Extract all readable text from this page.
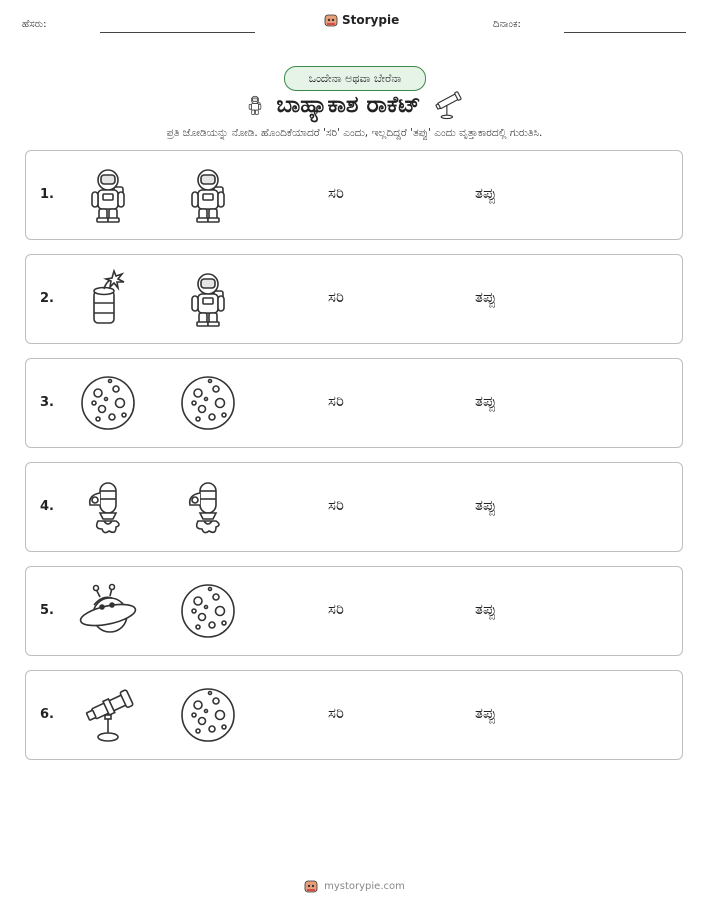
ಹೆಸರು:	Storypie	ದಿನಾಂಕ:
ಒಂದೇನಾ ಅಥವಾ ಬೇರೆನಾ
ಬಾಹ್ಯಾಕಾಶ ರಾಕೆಟ್
ಪ್ರತಿ ಜೋಡಿಯನ್ನು ನೋಡಿ. ಹೊಂದಿಕೆಯಾದರೆ 'ಸರಿ' ಎಂದು, ಇಲ್ಲದಿದ್ದರೆ 'ತಪ್ಪು' ಎಂದು ವೃತ್ತಾಕಾರದಲ್ಲಿ ಗುರುತಿಸಿ.
1.	ಸರಿ	ತಪ್ಪು
2.	ಸರಿ	ತಪ್ಪು
3.	ಸರಿ	ತಪ್ಪು
4.	ಸರಿ	ತಪ್ಪು
5.	ಸರಿ	ತಪ್ಪು
6.	ಸರಿ	ತಪ್ಪು
mystorypie.com
